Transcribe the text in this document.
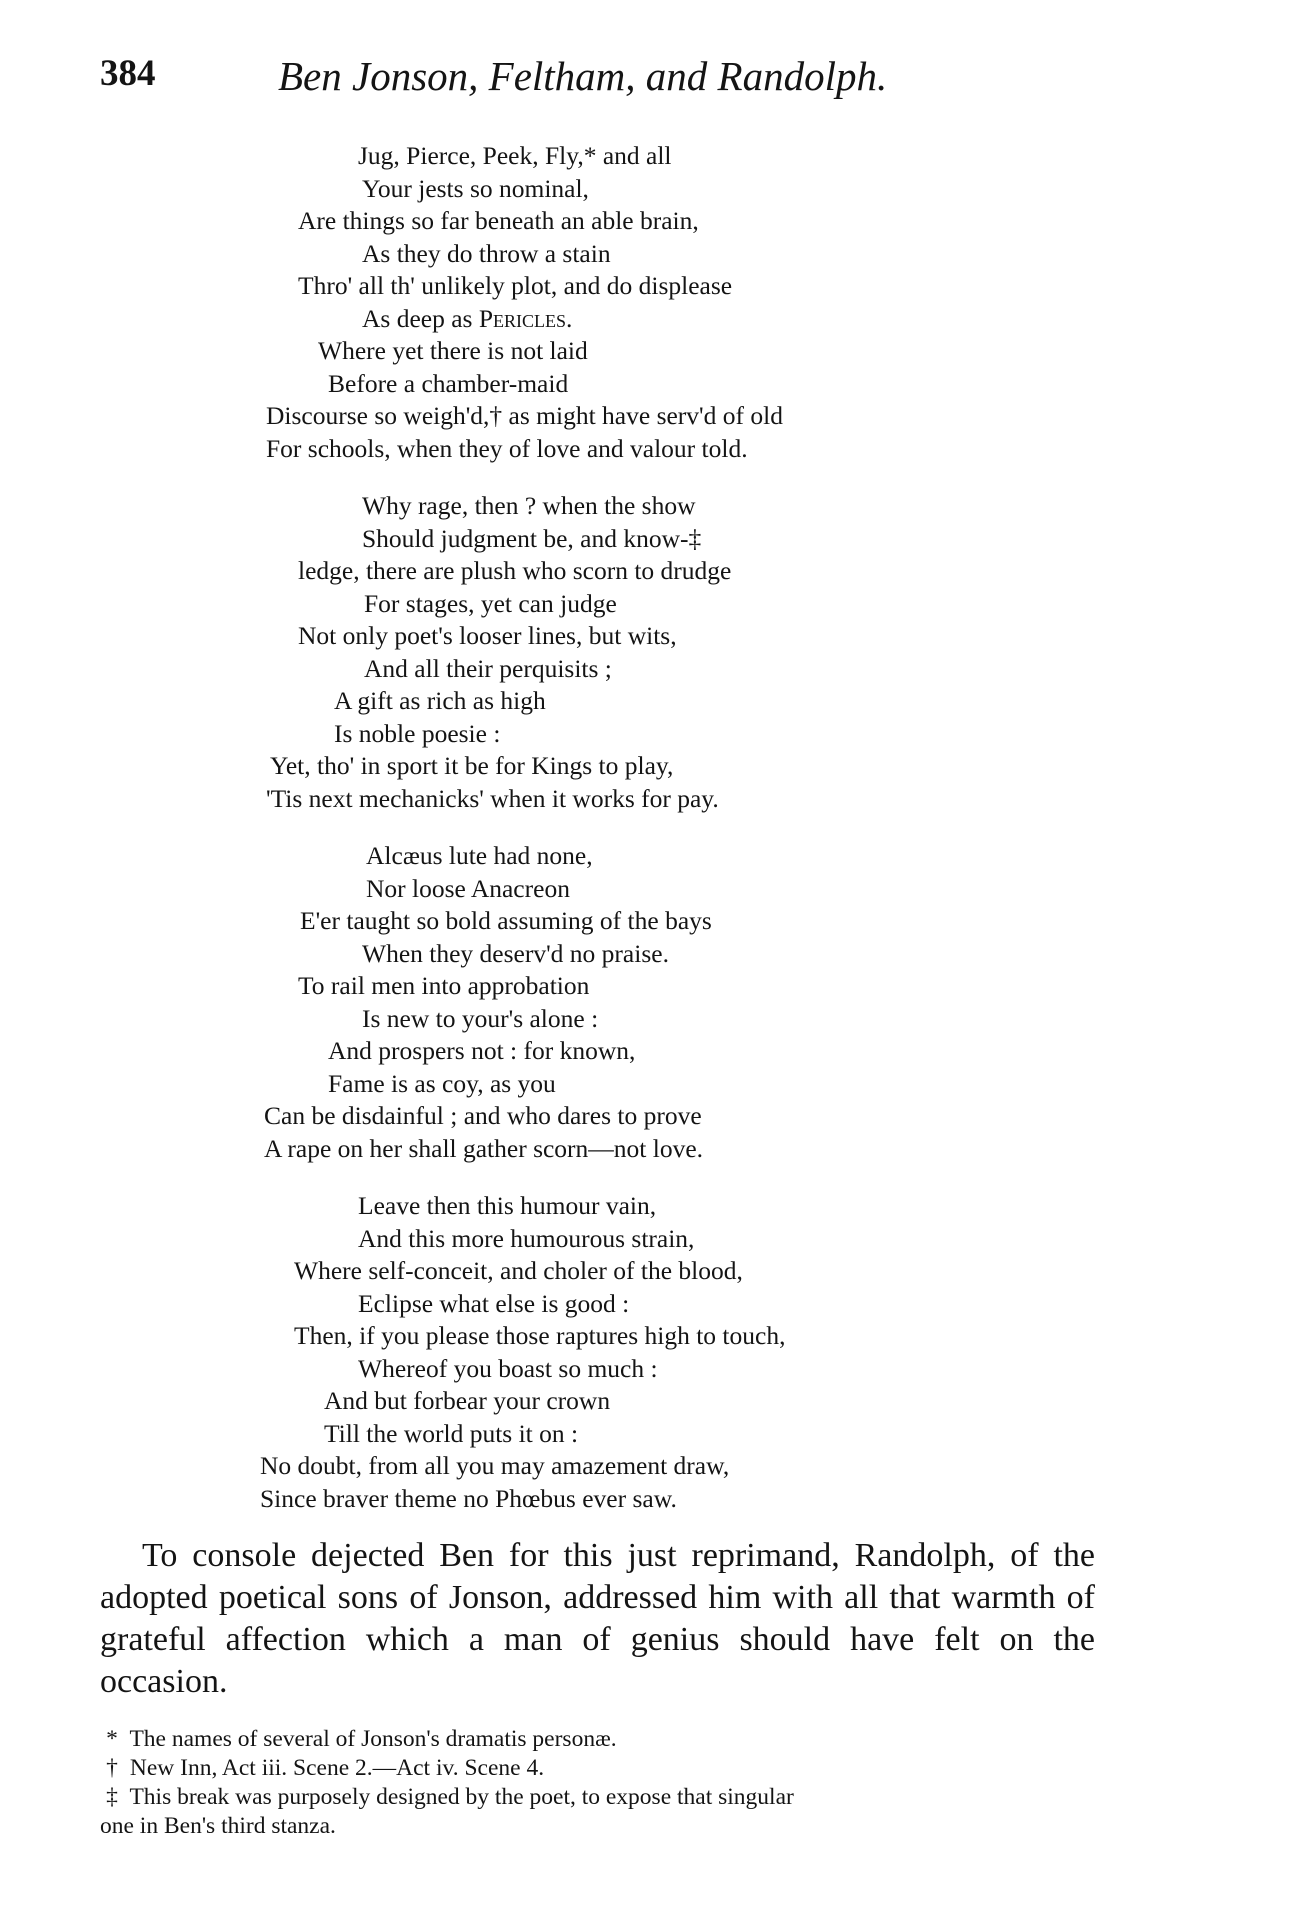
384	Ben Jonson, Feltham, and Randolph.
Jug, Pierce, Peek, Fly,* and all
Your jests so nominal,
Are things so far beneath an able brain,
As they do throw a stain
Thro' all th' unlikely plot, and do displease
As deep as Pericles.
Where yet there is not laid
Before a chamber-maid
Discourse so weigh'd,† as might have serv'd of old
For schools, when they of love and valour told.
Why rage, then ? when the show
Should judgment be, and know-‡
ledge, there are plush who scorn to drudge
For stages, yet can judge
Not only poet's looser lines, but wits,
And all their perquisits ;
A gift as rich as high
Is noble poesie :
Yet, tho' in sport it be for Kings to play,
'Tis next mechanicks' when it works for pay.
Alcæus lute had none,
Nor loose Anacreon
E'er taught so bold assuming of the bays
When they deserv'd no praise.
To rail men into approbation
Is new to your's alone :
And prospers not : for known,
Fame is as coy, as you
Can be disdainful ; and who dares to prove
A rape on her shall gather scorn—not love.
Leave then this humour vain,
And this more humourous strain,
Where self-conceit, and choler of the blood,
Eclipse what else is good :
Then, if you please those raptures high to touch,
Whereof you boast so much :
And but forbear your crown
Till the world puts it on :
No doubt, from all you may amazement draw,
Since braver theme no Phœbus ever saw.

To console dejected Ben for this just reprimand, Randolph, of the adopted poetical sons of Jonson, addressed him with all that warmth of grateful affection which a man of genius should have felt on the occasion.

* The names of several of Jonson's dramatis personæ.
† New Inn, Act iii. Scene 2.—Act iv. Scene 4.
‡ This break was purposely designed by the poet, to expose that singular
one in Ben's third stanza.
